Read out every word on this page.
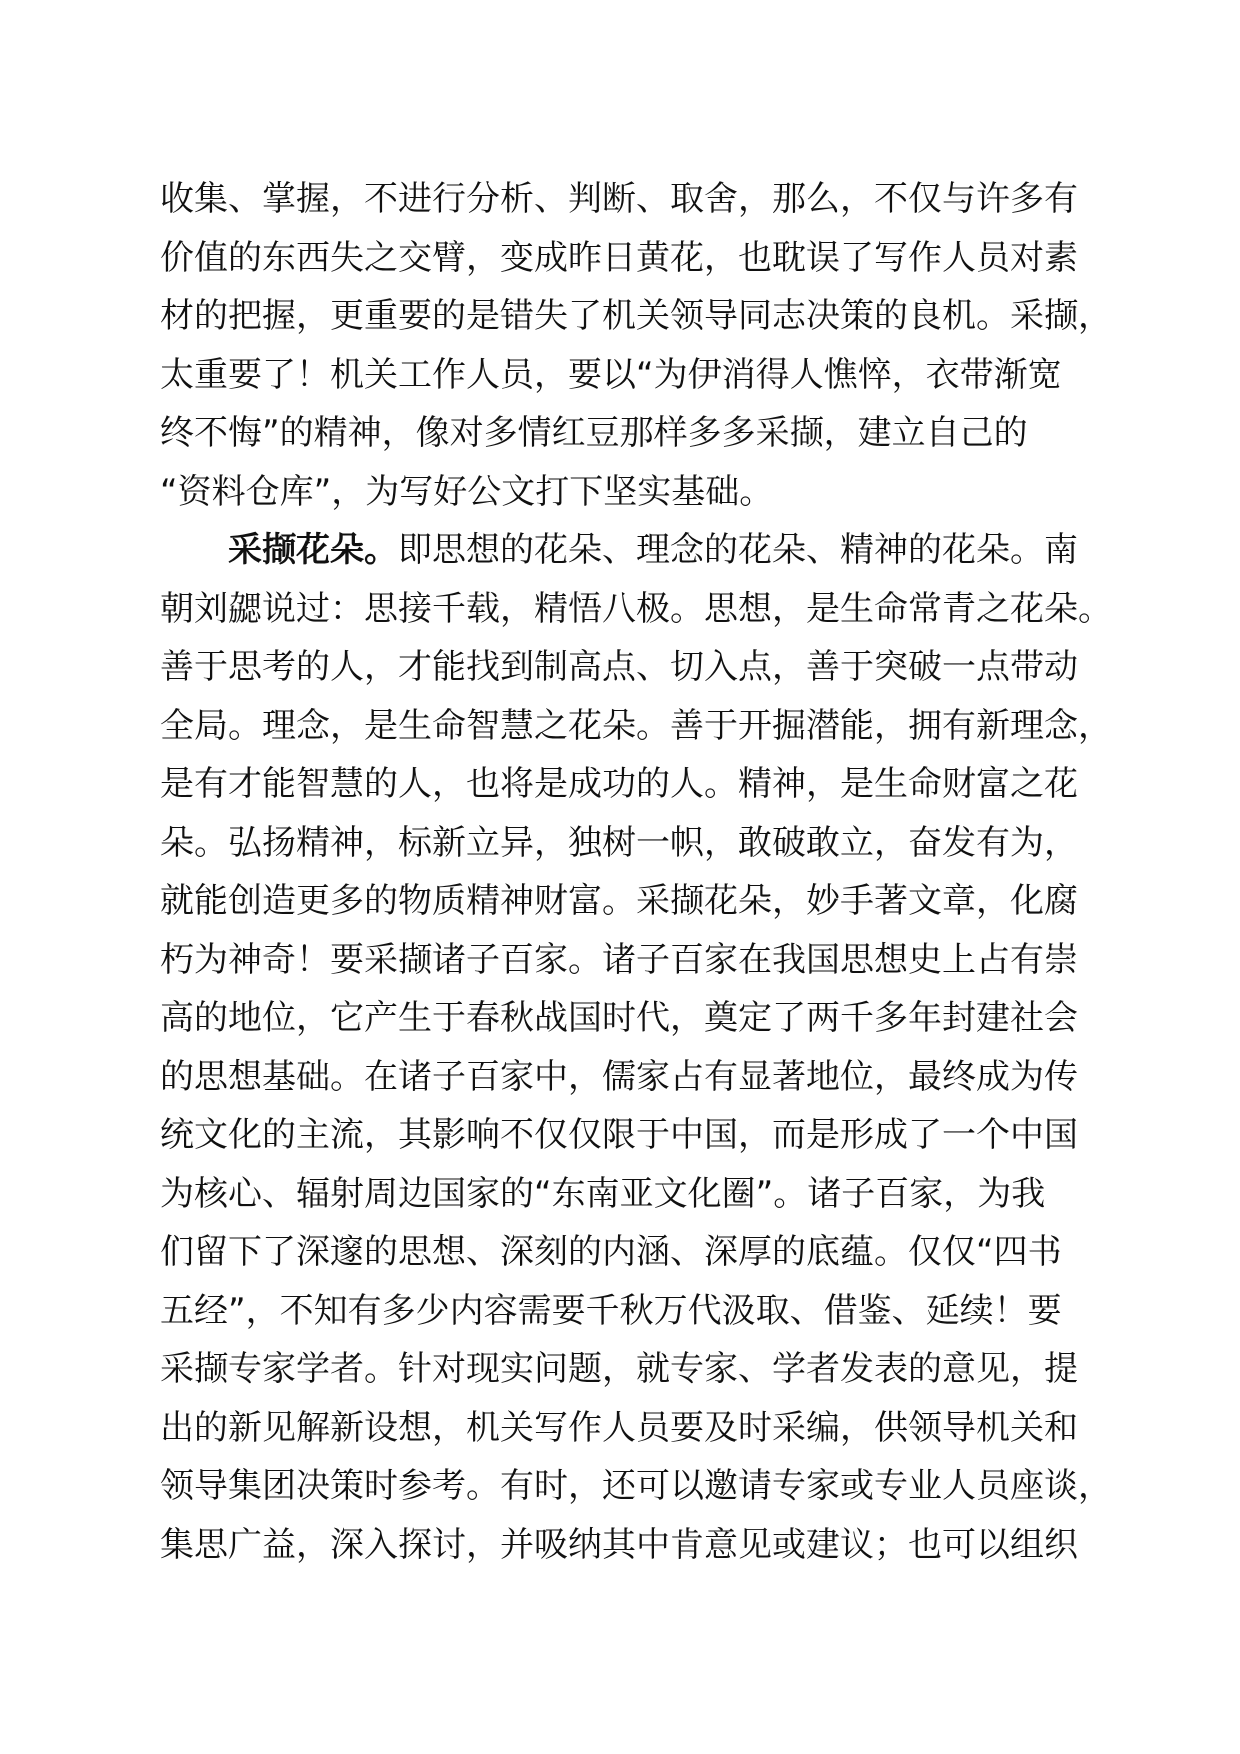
收集、掌握，不进行分析、判断、取舍，那么，不仅与许多有
价值的东西失之交臂，变成昨日黄花，也耽误了写作人员对素
材的把握，更重要的是错失了机关领导同志决策的良机。采撷，
太重要了！机关工作人员，要以“为伊消得人憔悴，衣带渐宽
终不悔”的精神，像对多情红豆那样多多采撷，建立自己的
“资料仓库”，为写好公文打下坚实基础。
采撷花朵。即思想的花朵、理念的花朵、精神的花朵。南
朝刘勰说过：思接千载，精悟八极。思想，是生命常青之花朵。
善于思考的人，才能找到制高点、切入点，善于突破一点带动
全局。理念，是生命智慧之花朵。善于开掘潜能，拥有新理念，
是有才能智慧的人，也将是成功的人。精神，是生命财富之花
朵。弘扬精神，标新立异，独树一帜，敢破敢立，奋发有为，
就能创造更多的物质精神财富。采撷花朵，妙手著文章，化腐
朽为神奇！要采撷诸子百家。诸子百家在我国思想史上占有崇
高的地位，它产生于春秋战国时代，奠定了两千多年封建社会
的思想基础。在诸子百家中，儒家占有显著地位，最终成为传
统文化的主流，其影响不仅仅限于中国，而是形成了一个中国
为核心、辐射周边国家的“东南亚文化圈”。诸子百家，为我
们留下了深邃的思想、深刻的内涵、深厚的底蕴。仅仅“四书
五经”，不知有多少内容需要千秋万代汲取、借鉴、延续！要
采撷专家学者。针对现实问题，就专家、学者发表的意见，提
出的新见解新设想，机关写作人员要及时采编，供领导机关和
领导集团决策时参考。有时，还可以邀请专家或专业人员座谈，
集思广益，深入探讨，并吸纳其中肯意见或建议；也可以组织
